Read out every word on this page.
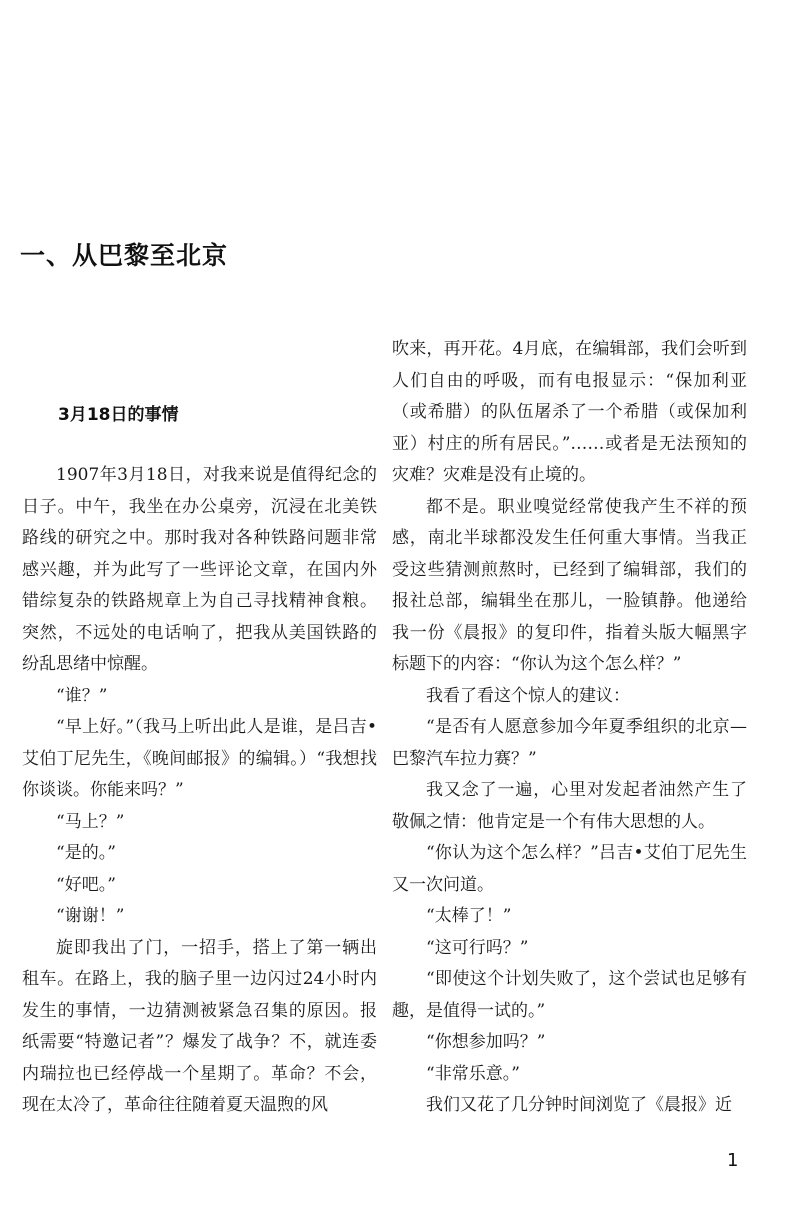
一、从巴黎至北京
3月18日的事情

1907年3月18日，对我来说是值得纪念的日子。中午，我坐在办公桌旁，沉浸在北美铁路线的研究之中。那时我对各种铁路问题非常感兴趣，并为此写了一些评论文章，在国内外错综复杂的铁路规章上为自己寻找精神食粮。突然，不远处的电话响了，把我从美国铁路的纷乱思绪中惊醒。

“谁？”

“早上好。”（我马上听出此人是谁，是吕吉•艾伯丁尼先生，《晚间邮报》的编辑。）“我想找你谈谈。你能来吗？”

“马上？”

“是的。”

“好吧。”

“谢谢！”

旋即我出了门，一招手，搭上了第一辆出租车。在路上，我的脑子里一边闪过24小时内发生的事情，一边猜测被紧急召集的原因。报纸需要“特邀记者”？爆发了战争？不，就连委内瑞拉也已经停战一个星期了。革命？不会，现在太冷了，革命往往随着夏天温煦的风

吹来，再开花。4月底，在编辑部，我们会听到人们自由的呼吸，而有电报显示：“保加利亚（或希腊）的队伍屠杀了一个希腊（或保加利亚）村庄的所有居民。”……或者是无法预知的灾难？灾难是没有止境的。

都不是。职业嗅觉经常使我产生不祥的预感，南北半球都没发生任何重大事情。当我正受这些猜测煎熬时，已经到了编辑部，我们的报社总部，编辑坐在那儿，一脸镇静。他递给我一份《晨报》的复印件，指着头版大幅黑字标题下的内容：“你认为这个怎么样？”

我看了看这个惊人的建议：

“是否有人愿意参加今年夏季组织的北京—巴黎汽车拉力赛？”

我又念了一遍，心里对发起者油然产生了敬佩之情：他肯定是一个有伟大思想的人。

“你认为这个怎么样？”吕吉•艾伯丁尼先生又一次问道。

“太棒了！”

“这可行吗？”

“即使这个计划失败了，这个尝试也足够有趣，是值得一试的。”

“你想参加吗？”

“非常乐意。”

我们又花了几分钟时间浏览了《晨报》近

1
